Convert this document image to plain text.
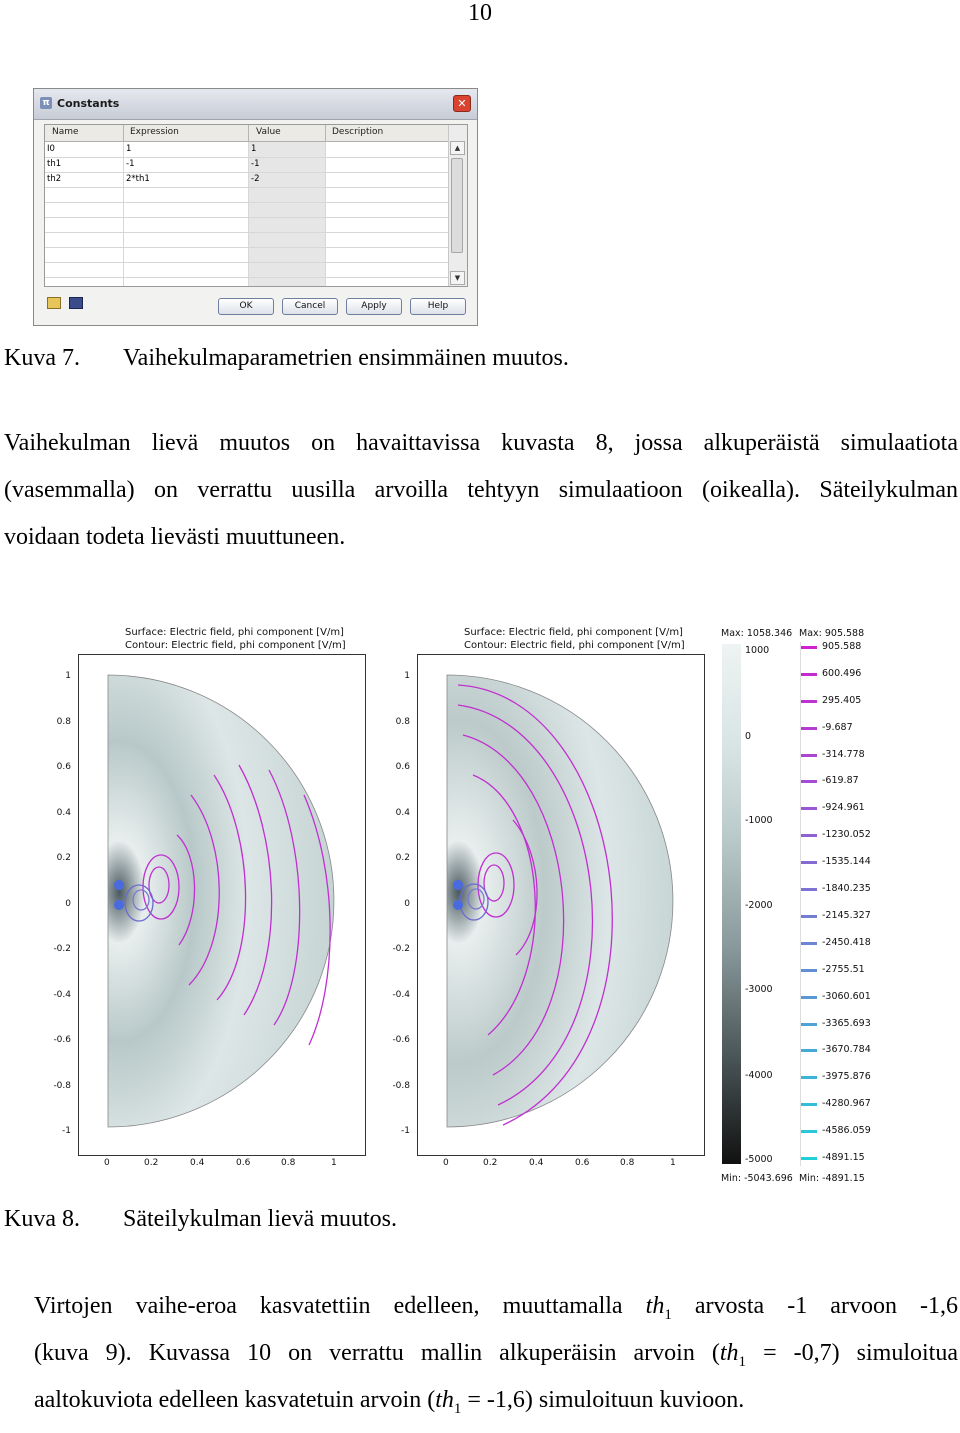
10
π Constants	✕
Name	Expression	Value	Description
I0	1	1
th1	-1	-1
th2	2*th1	-2
▲
▼
OK	Cancel	Apply	Help
Kuva 7. Vaihekulmaparametrien ensimmäinen muutos.
Vaihekulman lievä muutos on havaittavissa kuvasta 8, jossa alkuperäistä simulaatiota
(vasemmalla) on verrattu uusilla arvoilla tehtyyn simulaatioon (oikealla). Säteilykulman
voidaan todeta lievästi muuttuneen.
Surface: Electric field, phi component [V/m]
Contour: Electric field, phi component [V/m]
Surface: Electric field, phi component [V/m]
Contour: Electric field, phi component [V/m]
1
0.8
0.6
0.4
0.2
0
-0.2
-0.4
-0.6
-0.8
-1
1
0.8
0.6
0.4
0.2
0
-0.2
-0.4
-0.6
-0.8
-1
0	0.2	0.4	0.6	0.8	1	0	0.2	0.4	0.6	0.8	1
Max: 1058.346
1000
0
-1000
-2000
-3000
-4000
-5000
Min: -5043.696
Max: 905.588
Min: -4891.15
905.588
600.496
295.405
-9.687
-314.778
-619.87
-924.961
-1230.052
-1535.144
-1840.235
-2145.327
-2450.418
-2755.51
-3060.601
-3365.693
-3670.784
-3975.876
-4280.967
-4586.059
-4891.15
Kuva 8. Säteilykulman lievä muutos.
Virtojen vaihe-eroa kasvatettiin edelleen, muuttamalla $th_1$ arvosta -1 arvoon -1,6
(kuva 9). Kuvassa 10 on verrattu mallin alkuperäisin arvoin $(th_1 = -0,7)$ simuloitua
aaltokuviota edelleen kasvatetuin arvoin $(th_1 = -1,6)$ simuloituun kuvioon.
